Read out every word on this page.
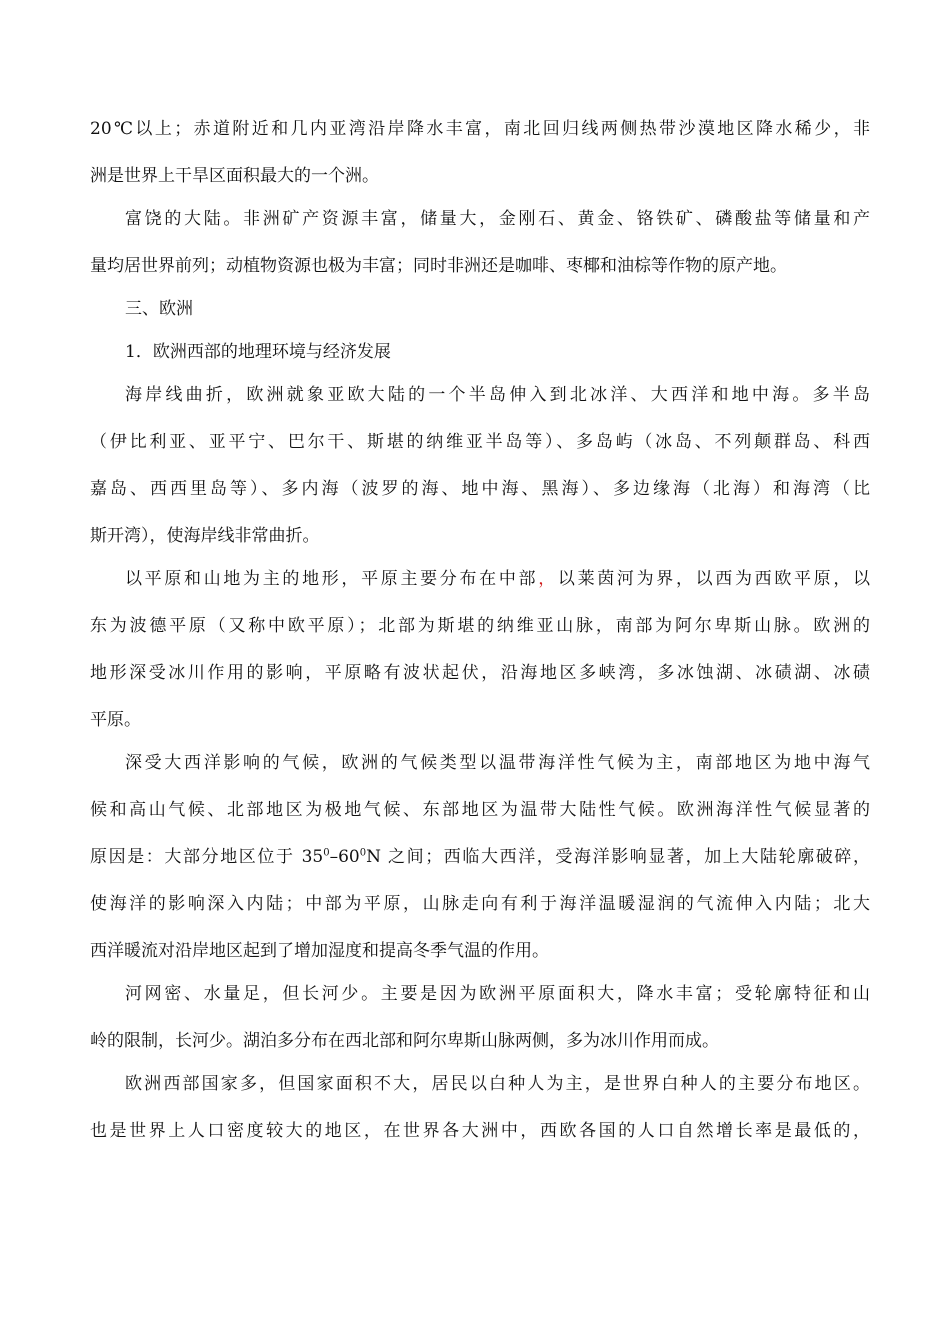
20℃以上；赤道附近和几内亚湾沿岸降水丰富，南北回归线两侧热带沙漠地区降水稀少，非
洲是世界上干旱区面积最大的一个洲。
富饶的大陆。非洲矿产资源丰富，储量大，金刚石、黄金、铬铁矿、磷酸盐等储量和产
量均居世界前列；动植物资源也极为丰富；同时非洲还是咖啡、枣椰和油棕等作物的原产地。
三、欧洲
1．欧洲西部的地理环境与经济发展
海岸线曲折，欧洲就象亚欧大陆的一个半岛伸入到北冰洋、大西洋和地中海。多半岛
（伊比利亚、亚平宁、巴尔干、斯堪的纳维亚半岛等）、多岛屿（冰岛、不列颠群岛、科西
嘉岛、西西里岛等）、多内海（波罗的海、地中海、黑海）、多边缘海（北海）和海湾（比
斯开湾），使海岸线非常曲折。
以平原和山地为主的地形，平原主要分布在中部，以莱茵河为界，以西为西欧平原，以
东为波德平原（又称中欧平原）；北部为斯堪的纳维亚山脉，南部为阿尔卑斯山脉。欧洲的
地形深受冰川作用的影响，平原略有波状起伏，沿海地区多峡湾，多冰蚀湖、冰碛湖、冰碛
平原。
深受大西洋影响的气候，欧洲的气候类型以温带海洋性气候为主，南部地区为地中海气
候和高山气候、北部地区为极地气候、东部地区为温带大陆性气候。欧洲海洋性气候显著的
原因是：大部分地区位于 $35^0-60^0N$ 之间；西临大西洋，受海洋影响显著，加上大陆轮廓破碎，
使海洋的影响深入内陆；中部为平原，山脉走向有利于海洋温暖湿润的气流伸入内陆；北大
西洋暖流对沿岸地区起到了增加湿度和提高冬季气温的作用。
河网密、水量足，但长河少。主要是因为欧洲平原面积大，降水丰富；受轮廓特征和山
岭的限制，长河少。湖泊多分布在西北部和阿尔卑斯山脉两侧，多为冰川作用而成。
欧洲西部国家多，但国家面积不大，居民以白种人为主，是世界白种人的主要分布地区。
也是世界上人口密度较大的地区，在世界各大洲中，西欧各国的人口自然增长率是最低的，
